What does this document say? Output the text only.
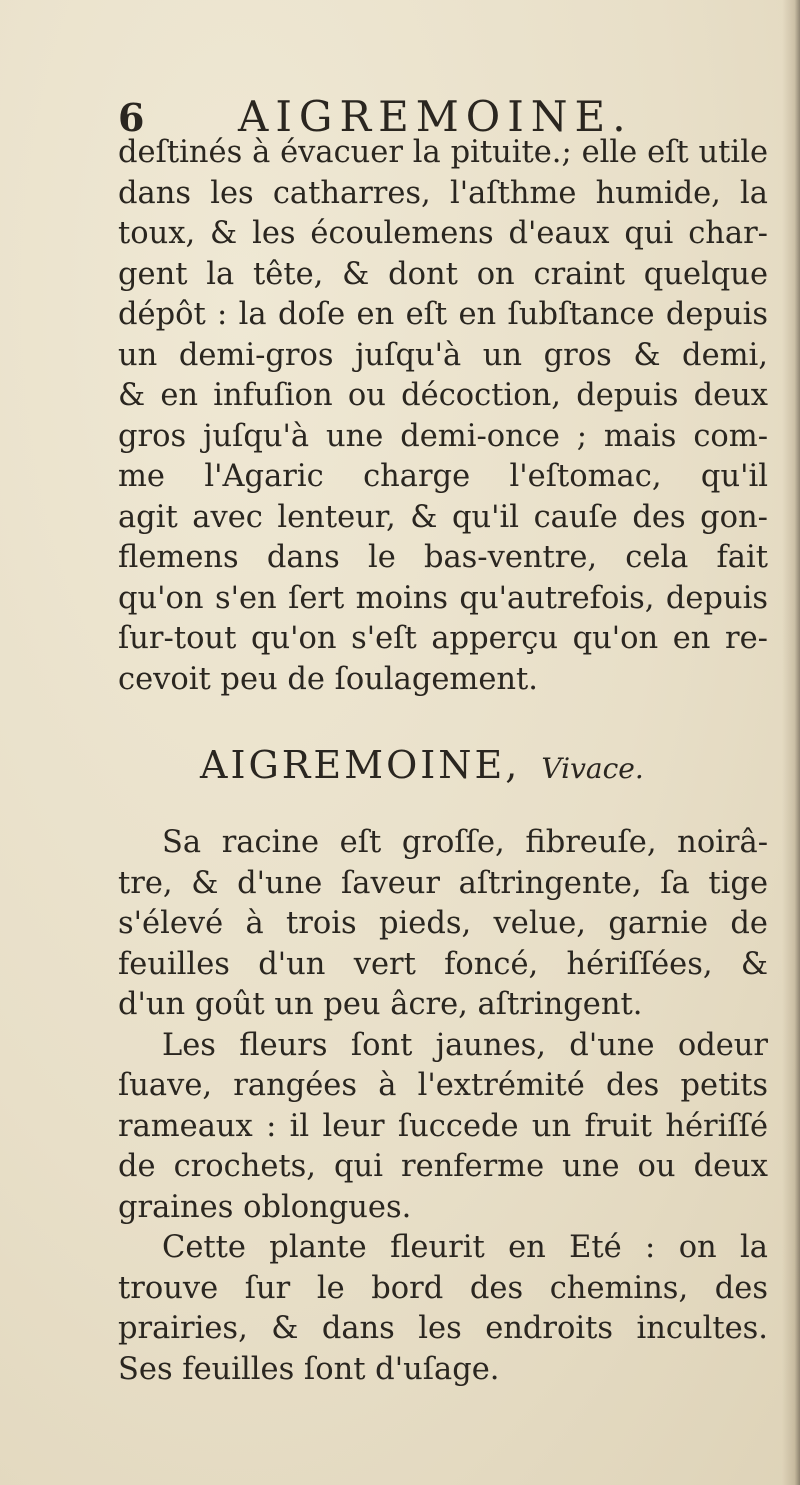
6 AIGREMOINE.
deſtinés à évacuer la pituite.; elle eſt utile
dans les catharres, l'aſthme humide, la
toux, & les écoulemens d'eaux qui char-
gent la tête, & dont on craint quelque
dépôt : la doſe en eſt en ſubſtance depuis
un demi-gros juſqu'à un gros & demi,
& en infuſion ou décoction, depuis deux
gros juſqu'à une demi-once ; mais com-
me l'Agaric charge l'eſtomac, qu'il
agit avec lenteur, & qu'il cauſe des gon-
flemens dans le bas-ventre, cela fait
qu'on s'en ſert moins qu'autrefois, depuis
ſur-tout qu'on s'eſt apperçu qu'on en re-
cevoit peu de ſoulagement.
AIGREMOINE, Vivace.
Sa racine eſt groſſe, fibreuſe, noirâ-
tre, & d'une ſaveur aſtringente, ſa tige
s'élevé à trois pieds, velue, garnie de
feuilles d'un vert foncé, hériſſées, &
d'un goût un peu âcre, aſtringent.
Les fleurs ſont jaunes, d'une odeur
ſuave, rangées à l'extrémité des petits
rameaux : il leur ſuccede un fruit hériſſé
de crochets, qui renferme une ou deux
graines oblongues.
Cette plante fleurit en Eté : on la
trouve ſur le bord des chemins, des
prairies, & dans les endroits incultes.
Ses feuilles ſont d'uſage.
